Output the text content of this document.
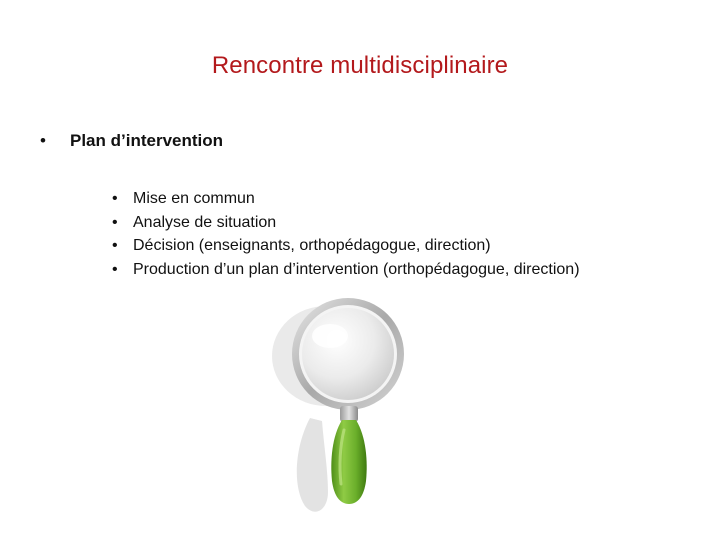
Rencontre multidisciplinaire
•	Plan d’intervention
• Mise en commun
• Analyse de situation
• Décision (enseignants, orthopédagogue, direction)
• Production d’un plan d’intervention (orthopédagogue, direction)
